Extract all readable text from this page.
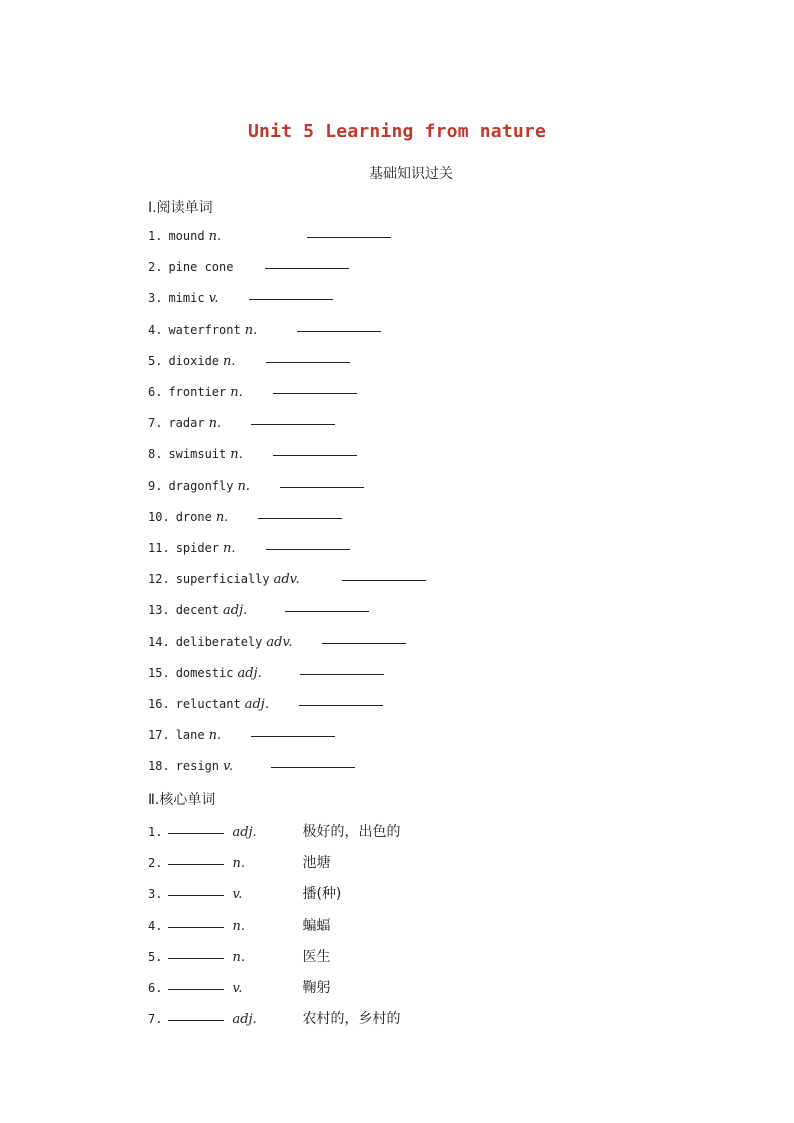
Unit 5 Learning from nature
基础知识过关
Ⅰ.阅读单词
1. mound n.
2. pine cone
3. mimic v.
4. waterfront n.
5. dioxide n.
6. frontier n.
7. radar n.
8. swimsuit n.
9. dragonfly n.
10. drone n.
11. spider n.
12. superficially adv.
13. decent adj.
14. deliberately adv.
15. domestic adj.
16. reluctant adj.
17. lane n.
18. resign v.
Ⅱ.核心单词
1.	adj.	极好的，出色的
2.	n.	池塘
3.	v.	播(种)
4.	n.	蝙蝠
5.	n.	医生
6.	v.	鞠躬
7.	adj.	农村的，乡村的
